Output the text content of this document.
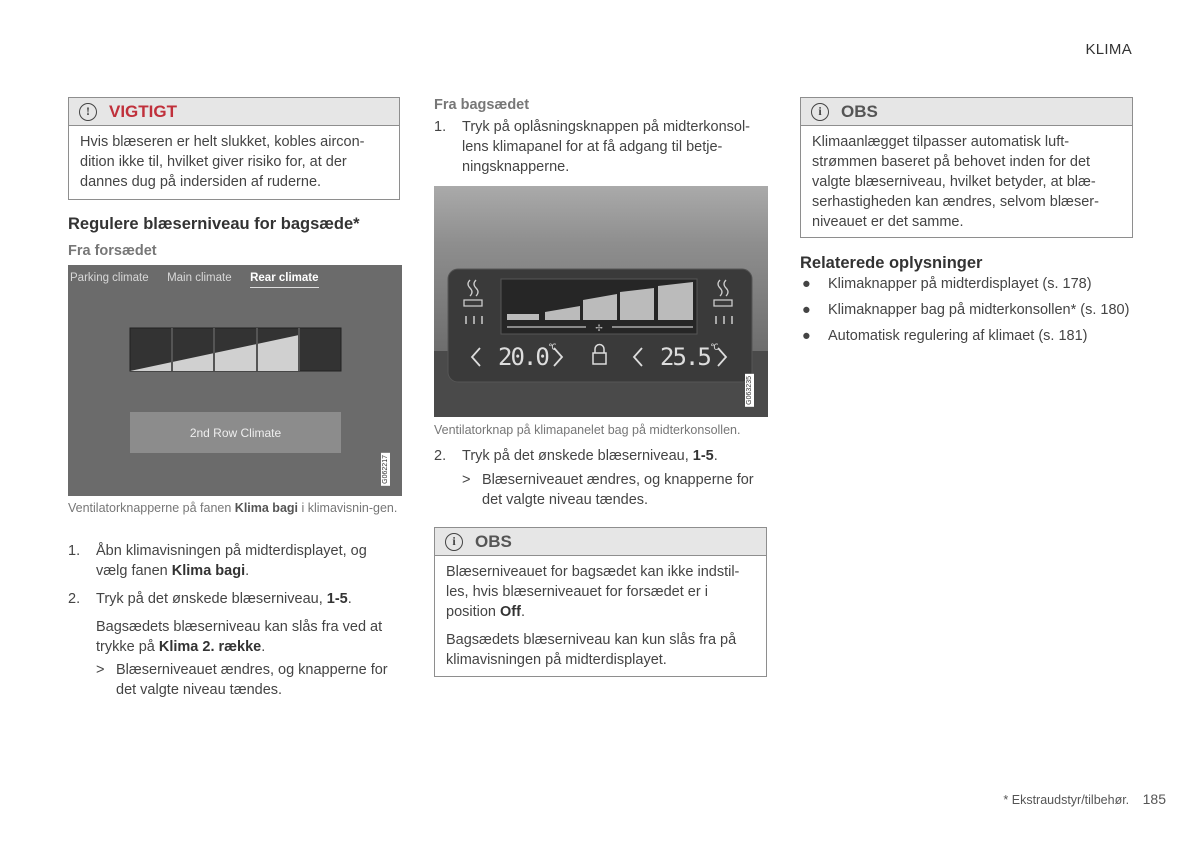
KLIMA
!	VIGTIGT
Hvis blæseren er helt slukket, kobles aircon-dition ikke til, hvilket giver risiko for, at der dannes dug på indersiden af ruderne.
Regulere blæserniveau for bagsæde*
Fra forsædet
Parking climate Main climate Rear climate
2nd Row Climate
G062217
Ventilatorknapperne på fanen Klima bagi i klimavisnin-gen.
1. Åbn klimavisningen på midterdisplayet, og vælg fanen Klima bagi.
2. Tryk på det ønskede blæserniveau, 1-5.
Bagsædets blæserniveau kan slås fra ved at trykke på Klima 2. række.
> Blæserniveauet ændres, og knapperne for det valgte niveau tændes.
Fra bagsædet
1. Tryk på oplåsningsknappen på midterkonsol-lens klimapanel for at få adgang til betje-ningsknapperne.
✢
$20.0^{^\circ C}$	$25.5^{^\circ C}$
G063235
Ventilatorknap på klimapanelet bag på midterkonsollen.
2. Tryk på det ønskede blæserniveau, 1-5.
> Blæserniveauet ændres, og knapperne for det valgte niveau tændes.
i	OBS
Blæserniveauet for bagsædet kan ikke indstil-les, hvis blæserniveauet for forsædet er i position Off.
Bagsædets blæserniveau kan kun slås fra på klimavisningen på midterdisplayet.
i	OBS
Klimaanlægget tilpasser automatisk luft-strømmen baseret på behovet inden for det valgte blæserniveau, hvilket betyder, at blæ-serhastigheden kan ændres, selvom blæser-niveauet er det samme.
Relaterede oplysninger
● Klimaknapper på midterdisplayet (s. 178)
● Klimaknapper bag på midterkonsollen* (s. 180)
● Automatisk regulering af klimaet (s. 181)
* Ekstraudstyr/tilbehør. 185
